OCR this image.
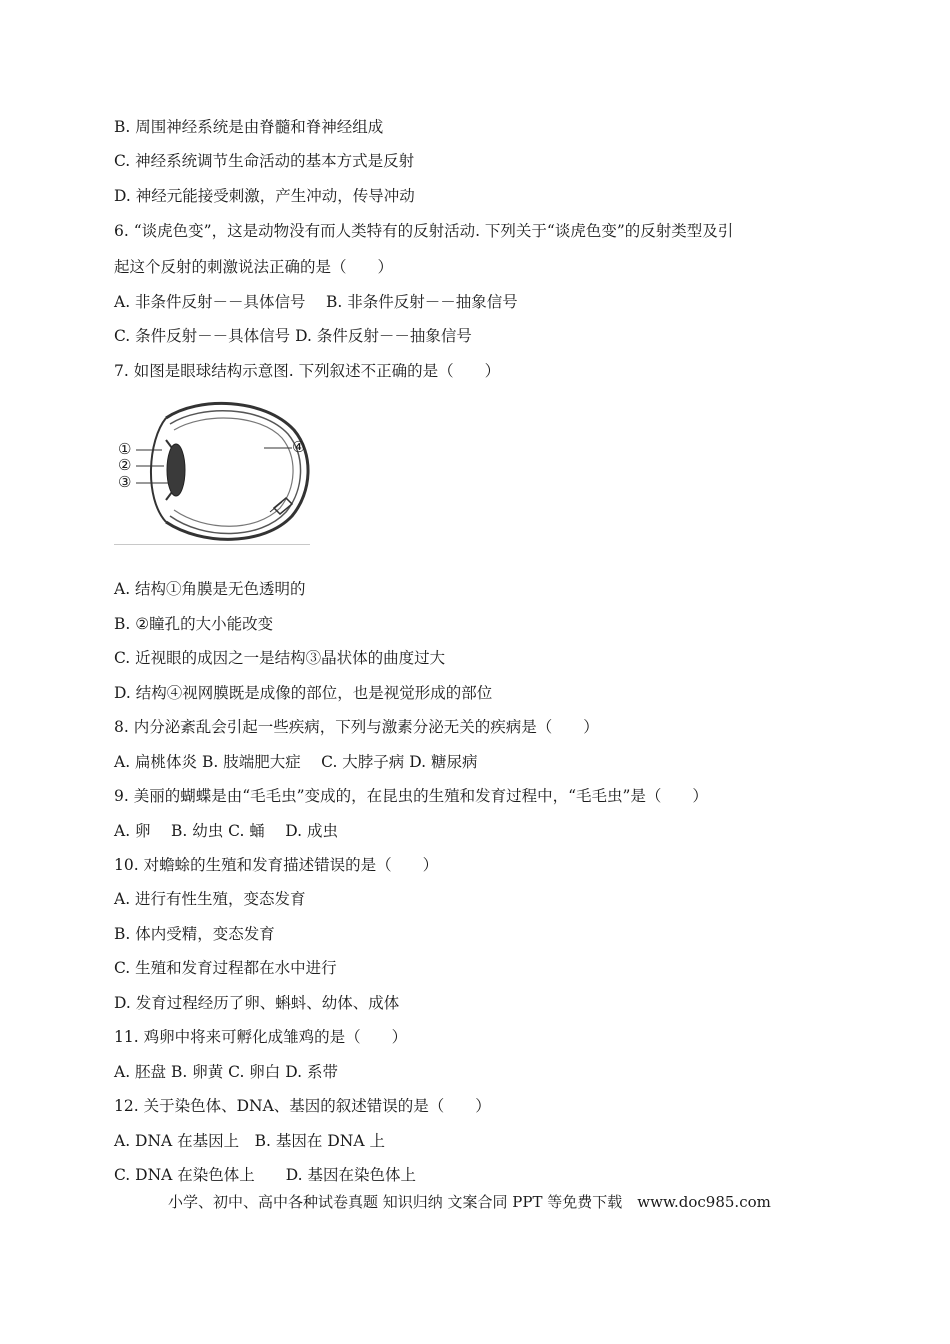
B. 周围神经系统是由脊髓和脊神经组成
C. 神经系统调节生命活动的基本方式是反射
D. 神经元能接受刺激，产生冲动，传导冲动
6. “谈虎色变”，这是动物没有而人类特有的反射活动. 下列关于“谈虎色变”的反射类型及引
起这个反射的刺激说法正确的是（　　）
A. 非条件反射－－具体信号　 B. 非条件反射－－抽象信号
C. 条件反射－－具体信号 D. 条件反射－－抽象信号
7. 如图是眼球结构示意图. 下列叙述不正确的是（　　）
①
②
③
④
A. 结构①角膜是无色透明的
B. ②瞳孔的大小能改变
C. 近视眼的成因之一是结构③晶状体的曲度过大
D. 结构④视网膜既是成像的部位，也是视觉形成的部位
8. 内分泌紊乱会引起一些疾病，下列与激素分泌无关的疾病是（　　）
A. 扁桃体炎 B. 肢端肥大症　 C. 大脖子病 D. 糖尿病
9. 美丽的蝴蝶是由“毛毛虫”变成的，在昆虫的生殖和发育过程中，“毛毛虫”是（　　）
A. 卵　 B. 幼虫 C. 蛹　 D. 成虫
10. 对蟾蜍的生殖和发育描述错误的是（　　）
A. 进行有性生殖，变态发育
B. 体内受精，变态发育
C. 生殖和发育过程都在水中进行
D. 发育过程经历了卵、蝌蚪、幼体、成体
11. 鸡卵中将来可孵化成雏鸡的是（　　）
A. 胚盘 B. 卵黄 C. 卵白 D. 系带
12. 关于染色体、DNA、基因的叙述错误的是（　　）
A. DNA 在基因上　B. 基因在 DNA 上
C. DNA 在染色体上　　D. 基因在染色体上
小学、初中、高中各种试卷真题 知识归纳 文案合同 PPT 等免费下载　www.doc985.com
